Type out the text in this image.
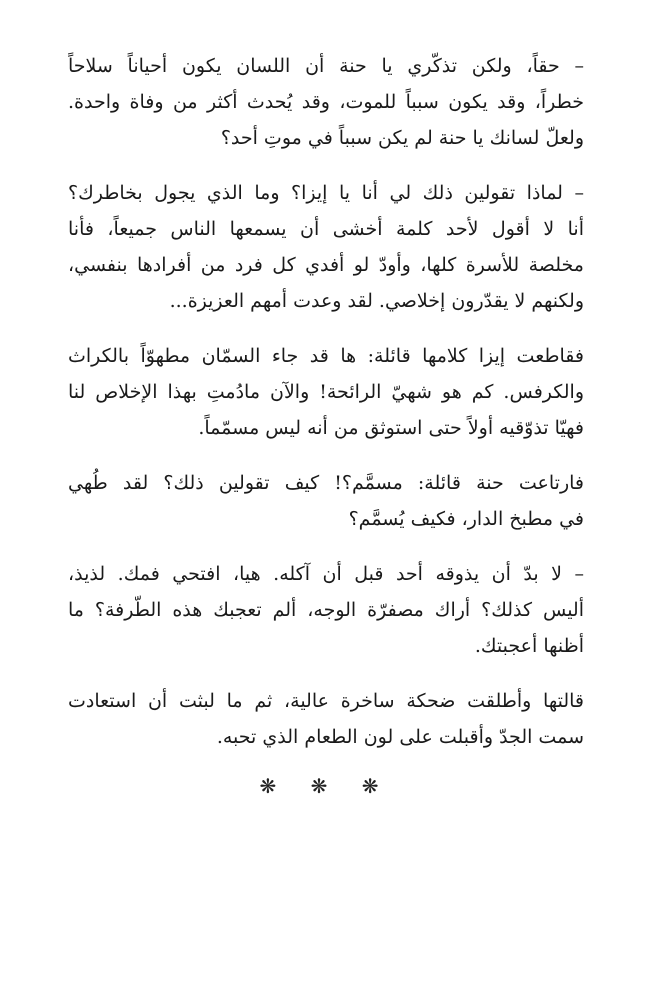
– حقاً، ولكن تذكّري يا حنة أن اللسان يكون أحياناً سلاحاً
خطراً، وقد يكون سبباً للموت، وقد يُحدث أكثر من وفاة واحدة.
ولعلّ لسانك يا حنة لم يكن سبباً في موتِ أحد؟
– لماذا تقولين ذلك لي أنا يا إيزا؟ وما الذي يجول بخاطرك؟
أنا لا أقول لأحد كلمة أخشى أن يسمعها الناس جميعاً، فأنا
مخلصة للأسرة كلها، وأودّ لو أفدي كل فرد من أفرادها بنفسي،
ولكنهم لا يقدّرون إخلاصي. لقد وعدت أمهم العزيزة...
فقاطعت إيزا كلامها قائلة: ها قد جاء السمّان مطهوّاً بالكراث
والكرفس. كم هو شهيّ الرائحة! والآن مادُمتِ بهذا الإخلاص لنا
فهيّا تذوّقيه أولاً حتى استوثق من أنه ليس مسمّماً.
فارتاعت حنة قائلة: مسمَّم؟! كيف تقولين ذلك؟ لقد طُهي
في مطبخ الدار، فكيف يُسمَّم؟
– لا بدّ أن يذوقه أحد قبل أن آكله. هيا، افتحي فمك. لذيذ،
أليس كذلك؟ أراك مصفرّة الوجه، ألم تعجبك هذه الطّرفة؟ ما
أظنها أعجبتك.
قالتها وأطلقت ضحكة ساخرة عالية، ثم ما لبثت أن استعادت
سمت الجدّ وأقبلت على لون الطعام الذي تحبه.
❋ ❋ ❋
